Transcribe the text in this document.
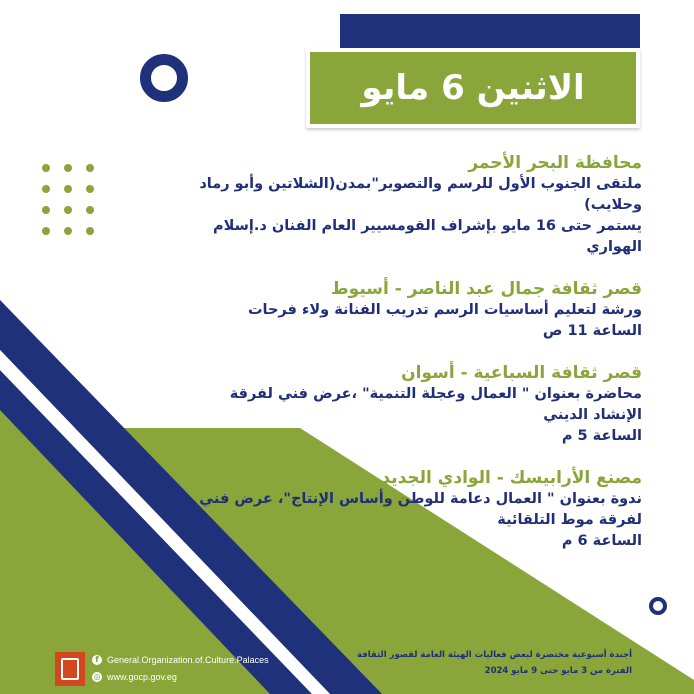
الاثنين 6 مايو
محافظة البحر الأحمر
ملتقى الجنوب الأول للرسم والتصوير"بمدن(الشلاتين وأبو رماد وحلايب)
يستمر حتى 16 مايو بإشراف القومسيير العام الفنان د.إسلام الهواري
قصر ثقافة جمال عبد الناصر - أسيوط
ورشة لتعليم أساسيات الرسم تدريب الفنانة ولاء فرحات
الساعة 11 ص
قصر ثقافة السباعية - أسوان
محاضرة بعنوان " العمال وعجلة التنمية" ،عرض فني لفرقة
الإنشاد الديني
الساعة 5 م
مصنع الأرابيسك - الوادي الجديد
ندوة بعنوان " العمال دعامة للوطن وأساس الإنتاج"، عرض فني
لفرقة موط التلقائية
الساعة 6 م
f General.Organization.of.Culture.Palaces
◎ www.gocp.gov.eg
أجندة أسبوعية مختصرة لبعض فعاليات الهيئة العامة لقصور الثقافة
الفترة من 3 مايو حتى 9 مايو 2024
